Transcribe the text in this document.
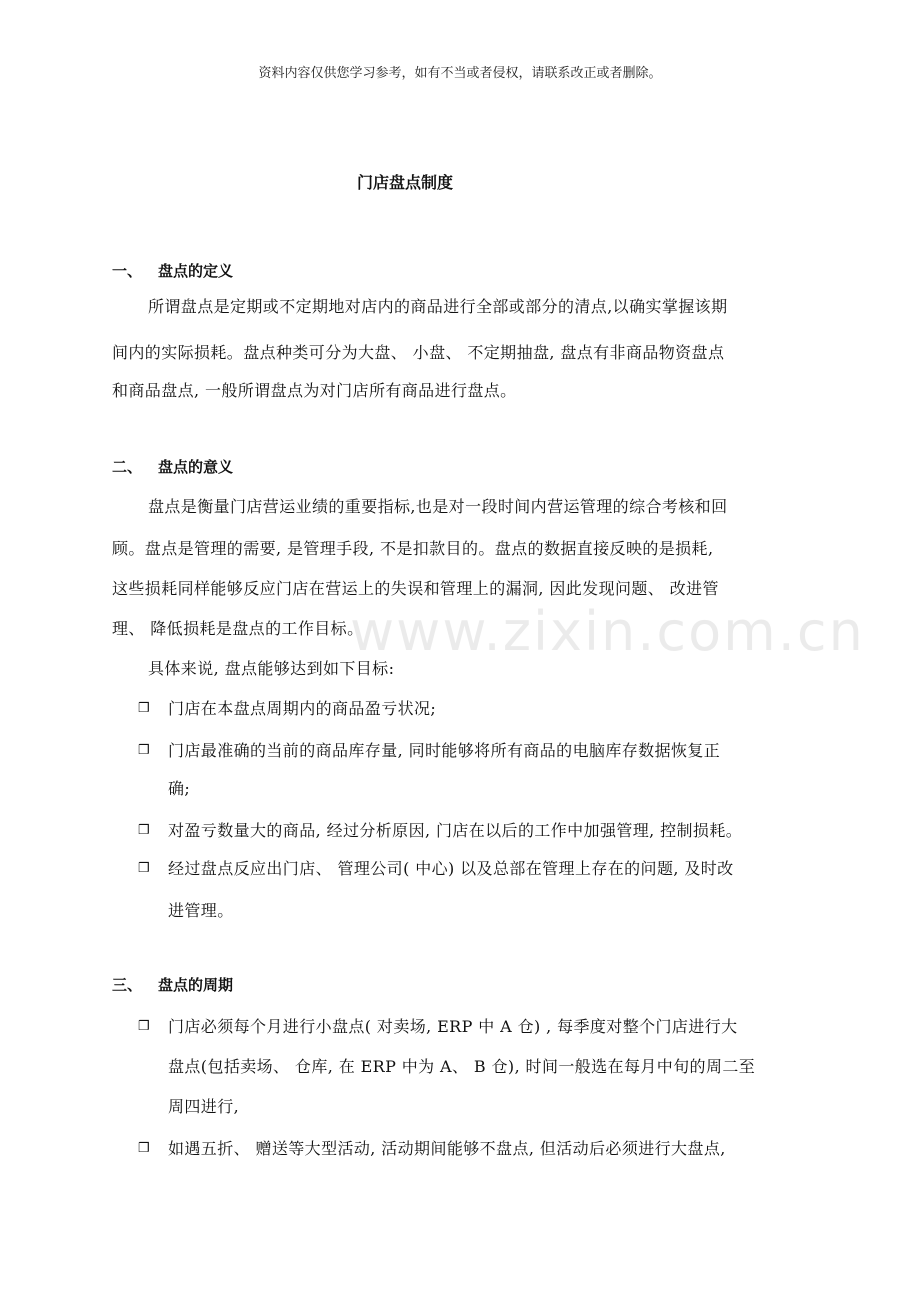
资料内容仅供您学习参考，如有不当或者侵权，请联系改正或者删除。
门店盘点制度
www.zixin.com.cn
一、 盘点的定义
所谓盘点是定期或不定期地对店内的商品进行全部或部分的清点,以确实掌握该期
间内的实际损耗。盘点种类可分为大盘、 小盘、 不定期抽盘, 盘点有非商品物资盘点
和商品盘点, 一般所谓盘点为对门店所有商品进行盘点。
二、 盘点的意义
盘点是衡量门店营运业绩的重要指标,也是对一段时间内营运管理的综合考核和回
顾。盘点是管理的需要, 是管理手段, 不是扣款目的。盘点的数据直接反映的是损耗,
这些损耗同样能够反应门店在营运上的失误和管理上的漏洞, 因此发现问题、 改进管
理、 降低损耗是盘点的工作目标。
具体来说, 盘点能够达到如下目标:
❒ 门店在本盘点周期内的商品盈亏状况;
❒ 门店最准确的当前的商品库存量, 同时能够将所有商品的电脑库存数据恢复正
确;
❒ 对盈亏数量大的商品, 经过分析原因, 门店在以后的工作中加强管理, 控制损耗。
❒ 经过盘点反应出门店、 管理公司( 中心) 以及总部在管理上存在的问题, 及时改
进管理。
三、 盘点的周期
❒ 门店必须每个月进行小盘点( 对卖场, ERP 中 A 仓) , 每季度对整个门店进行大
盘点(包括卖场、 仓库, 在 ERP 中为 A、 B 仓), 时间一般选在每月中旬的周二至
周四进行,
❒ 如遇五折、 赠送等大型活动, 活动期间能够不盘点, 但活动后必须进行大盘点,
